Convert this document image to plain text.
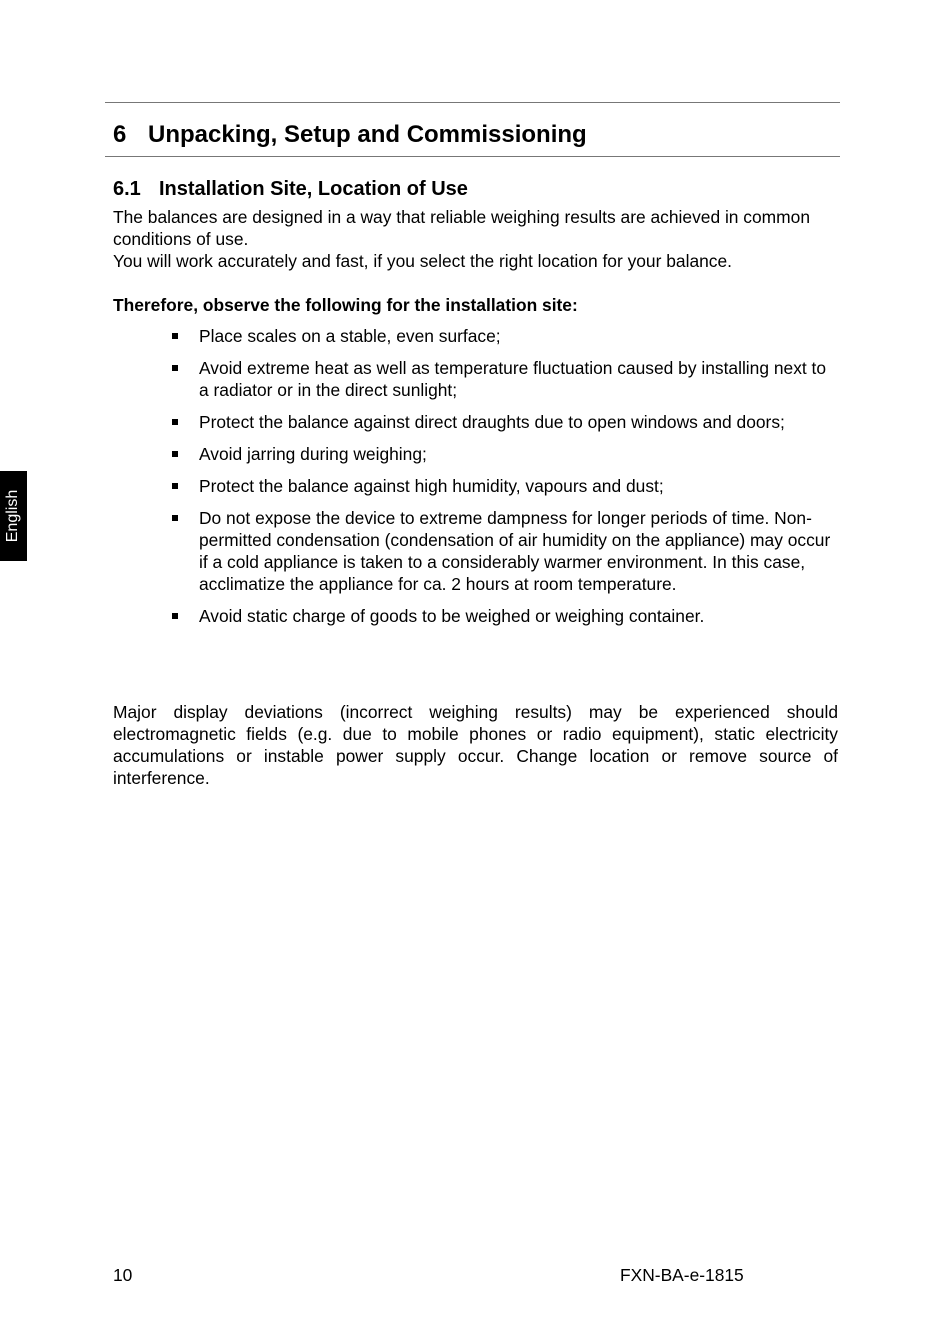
6 Unpacking, Setup and Commissioning
6.1 Installation Site, Location of Use

The balances are designed in a way that reliable weighing results are achieved in common conditions of use.

You will work accurately and fast, if you select the right location for your balance.

Therefore, observe the following for the installation site:

Place scales on a stable, even surface;
Avoid extreme heat as well as temperature fluctuation caused by installing next to a radiator or in the direct sunlight;
Protect the balance against direct draughts due to open windows and doors;
Avoid jarring during weighing;
Protect the balance against high humidity, vapours and dust;
Do not expose the device to extreme dampness for longer periods of time. Non-permitted condensation (condensation of air humidity on the appliance) may occur if a cold appliance is taken to a considerably warmer environment. In this case, acclimatize the appliance for ca. 2 hours at room temperature.
Avoid static charge of goods to be weighed or weighing container.

Major display deviations (incorrect weighing results) may be experienced should electromagnetic fields (e.g. due to mobile phones or radio equipment), static electricity accumulations or instable power supply occur. Change location or remove source of interference.

English
10	FXN-BA-e-1815
